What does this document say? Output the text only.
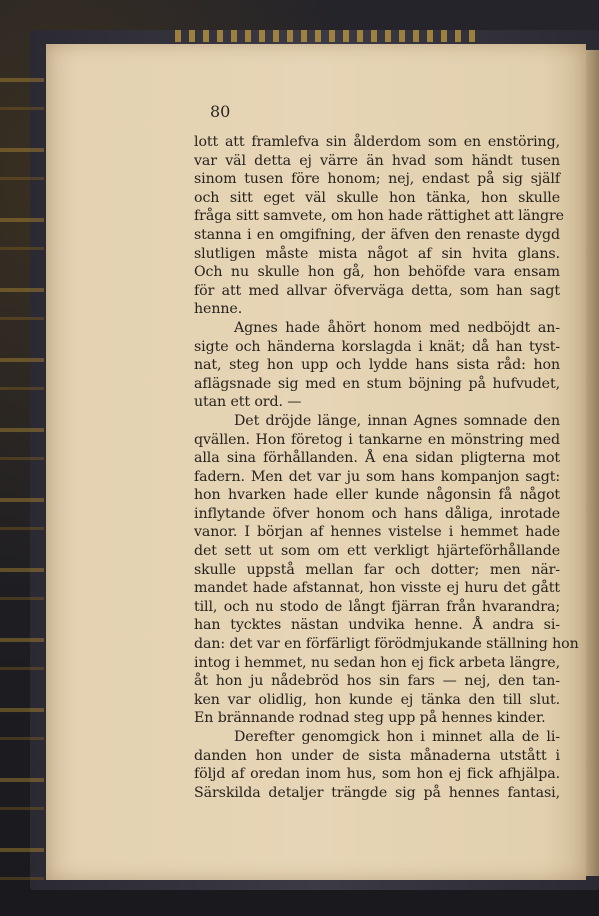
80

lott att framlefva sin ålderdom som en enstöring,
var väl detta ej värre än hvad som händt tusen
sinom tusen före honom; nej, endast på sig själf
och sitt eget väl skulle hon tänka, hon skulle
fråga sitt samvete, om hon hade rättighet att längre
stanna i en omgifning, der äfven den renaste dygd
slutligen måste mista något af sin hvita glans.
Och nu skulle hon gå, hon behöfde vara ensam
för att med allvar öfverväga detta, som han sagt
henne.
Agnes hade åhört honom med nedböjdt an-
sigte och händerna korslagda i knät; då han tyst-
nat, steg hon upp och lydde hans sista råd: hon
aflägsnade sig med en stum böjning på hufvudet,
utan ett ord. —
Det dröjde länge, innan Agnes somnade den
qvällen. Hon företog i tankarne en mönstring med
alla sina förhållanden. Å ena sidan pligterna mot
fadern. Men det var ju som hans kompanjon sagt:
hon hvarken hade eller kunde någonsin få något
inflytande öfver honom och hans dåliga, inrotade
vanor. I början af hennes vistelse i hemmet hade
det sett ut som om ett verkligt hjärteförhållande
skulle uppstå mellan far och dotter; men när-
mandet hade afstannat, hon visste ej huru det gått
till, och nu stodo de långt fjärran från hvarandra;
han tycktes nästan undvika henne. Å andra si-
dan: det var en förfärligt förödmjukande ställning hon
intog i hemmet, nu sedan hon ej fick arbeta längre,
åt hon ju nådebröd hos sin fars — nej, den tan-
ken var olidlig, hon kunde ej tänka den till slut.
En brännande rodnad steg upp på hennes kinder.
Derefter genomgick hon i minnet alla de li-
danden hon under de sista månaderna utstått i
följd af oredan inom hus, som hon ej fick afhjälpa.
Särskilda detaljer trängde sig på hennes fantasi,
